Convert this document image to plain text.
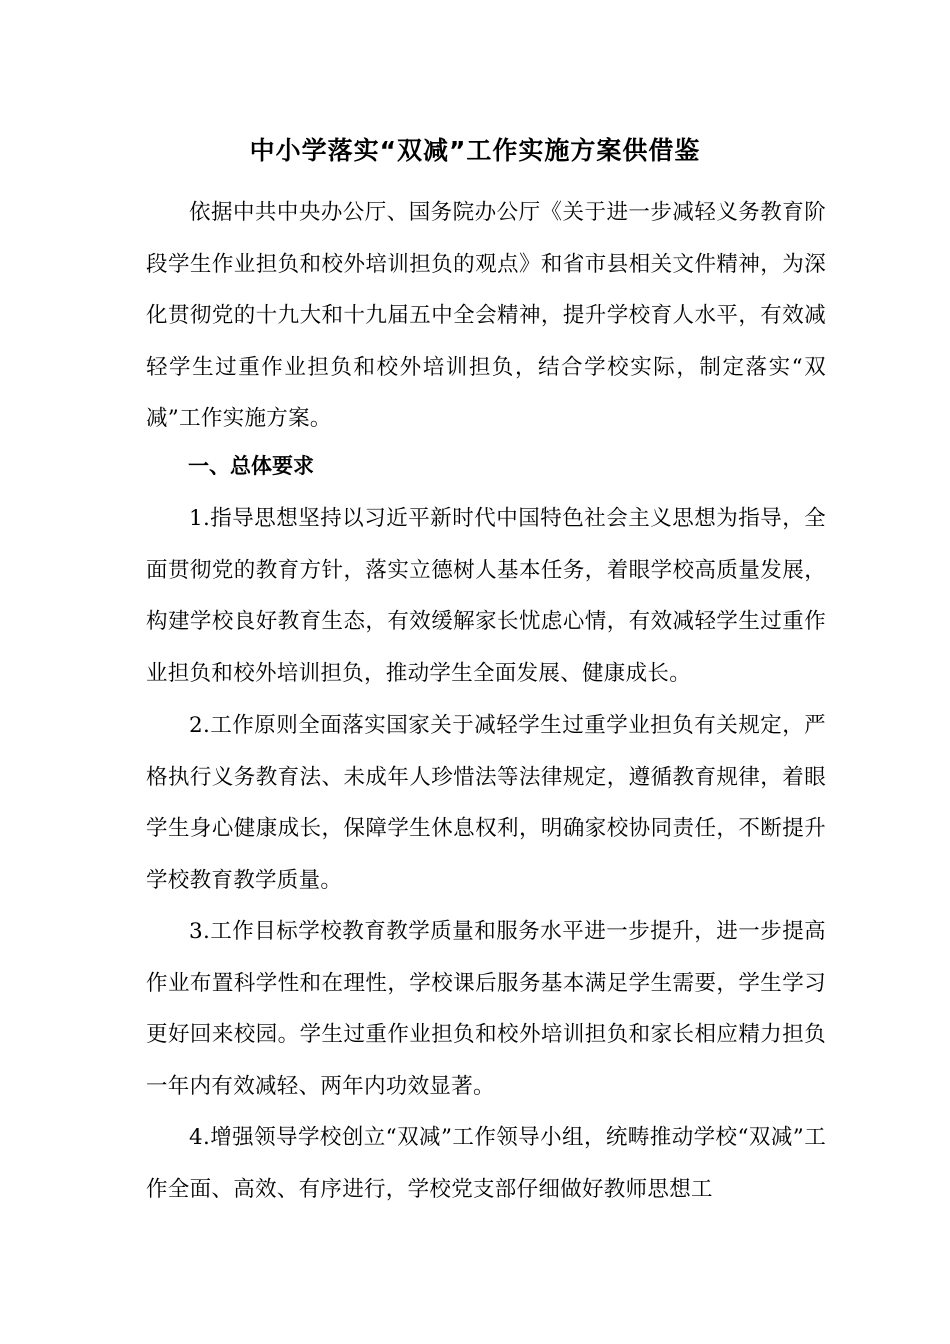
中小学落实“双减”工作实施方案供借鉴
依据中共中央办公厅、国务院办公厅《关于进一步减轻义务教育阶段学生作业担负和校外培训担负的观点》和省市县相关文件精神，为深化贯彻党的十九大和十九届五中全会精神，提升学校育人水平，有效减轻学生过重作业担负和校外培训担负，结合学校实际，制定落实“双减”工作实施方案。
一、总体要求
1.指导思想坚持以习近平新时代中国特色社会主义思想为指导，全面贯彻党的教育方针，落实立德树人基本任务，着眼学校高质量发展，构建学校良好教育生态，有效缓解家长忧虑心情，有效减轻学生过重作业担负和校外培训担负，推动学生全面发展、健康成长。
2.工作原则全面落实国家关于减轻学生过重学业担负有关规定，严格执行义务教育法、未成年人珍惜法等法律规定，遵循教育规律，着眼学生身心健康成长，保障学生休息权利，明确家校协同责任，不断提升学校教育教学质量。
3.工作目标学校教育教学质量和服务水平进一步提升，进一步提高作业布置科学性和在理性，学校课后服务基本满足学生需要，学生学习更好回来校园。学生过重作业担负和校外培训担负和家长相应精力担负一年内有效减轻、两年内功效显著。
4.增强领导学校创立“双减”工作领导小组，统畴推动学校“双减”工作全面、高效、有序进行，学校党支部仔细做好教师思想工
